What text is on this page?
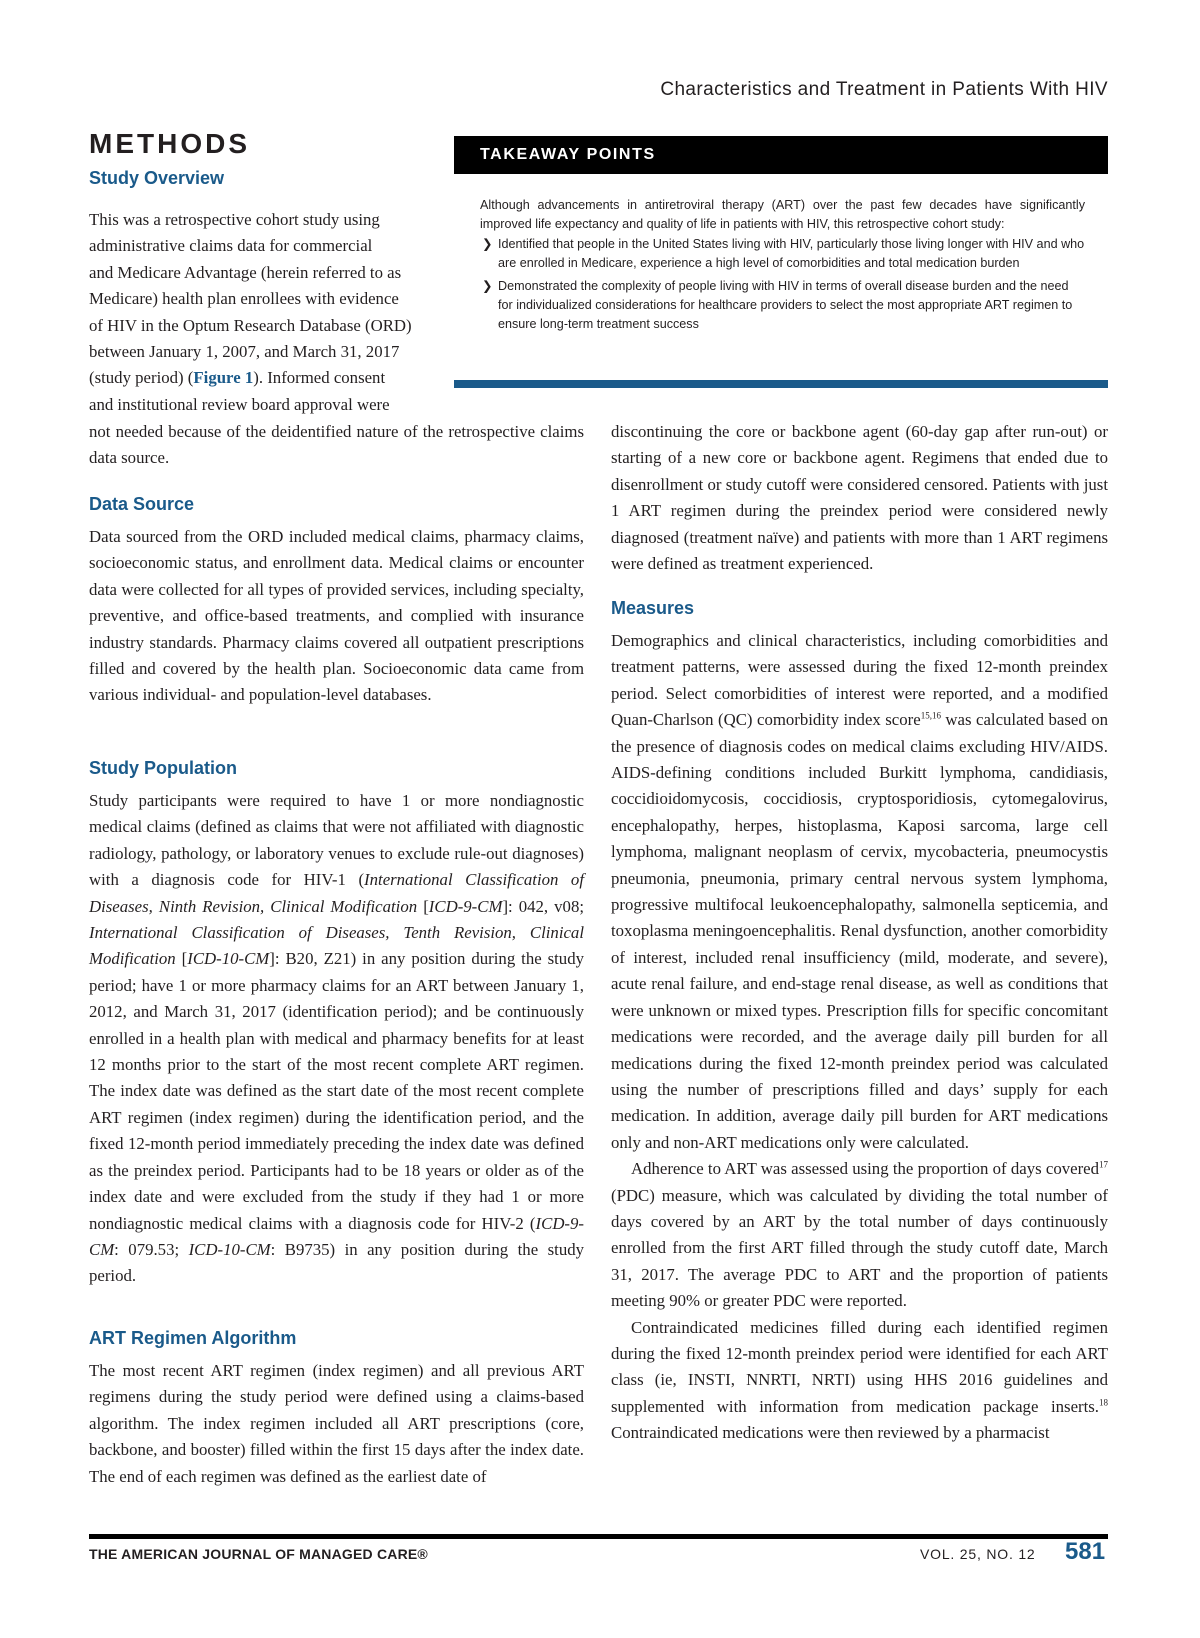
Characteristics and Treatment in Patients With HIV
METHODS	TAKEAWAY POINTS
Although advancements in antiretroviral therapy (ART) over the past few decades have significantly improved life expectancy and quality of life in patients with HIV, this retrospective cohort study:
❯ Identified that people in the United States living with HIV, particularly those living longer with HIV and who are enrolled in Medicare, experience a high level of comorbidities and total medication burden
❯ Demonstrated the complexity of people living with HIV in terms of overall disease burden and the need for individualized considerations for healthcare providers to select the most appropriate ART regimen to ensure long-term treatment success
Study Overview
This was a retrospective cohort study using
administrative claims data for commercial
and Medicare Advantage (herein referred to as
Medicare) health plan enrollees with evidence
of HIV in the Optum Research Database (ORD)
between January 1, 2007, and March 31, 2017
(study period) (Figure 1). Informed consent
and institutional review board approval were

not needed because of the deidentified nature of the retrospective claims data source.

Data Source

Data sourced from the ORD included medical claims, pharmacy claims, socioeconomic status, and enrollment data. Medical claims or encounter data were collected for all types of provided services, including specialty, preventive, and office-based treatments, and complied with insurance industry standards. Pharmacy claims covered all outpatient prescriptions filled and covered by the health plan. Socioeconomic data came from various individual- and population-level databases.

Study Population

Study participants were required to have 1 or more nondiagnostic medical claims (defined as claims that were not affiliated with diagnostic radiology, pathology, or laboratory venues to exclude rule-out diagnoses) with a diagnosis code for HIV-1 (International Classification of Diseases, Ninth Revision, Clinical Modification [ICD-9-CM]: 042, v08; International Classification of Diseases, Tenth Revision, Clinical Modification [ICD-10-CM]: B20, Z21) in any position during the study period; have 1 or more pharmacy claims for an ART between January 1, 2012, and March 31, 2017 (identification period); and be continuously enrolled in a health plan with medical and pharmacy benefits for at least 12 months prior to the start of the most recent complete ART regimen. The index date was defined as the start date of the most recent complete ART regimen (index regimen) during the identification period, and the fixed 12-month period immediately preceding the index date was defined as the preindex period. Participants had to be 18 years or older as of the index date and were excluded from the study if they had 1 or more nondiagnostic medical claims with a diagnosis code for HIV-2 (ICD-9-CM: 079.53; ICD-10-CM: B9735) in any position during the study period.

ART Regimen Algorithm

The most recent ART regimen (index regimen) and all previous ART regimens during the study period were defined using a claims-based algorithm. The index regimen included all ART prescriptions (core, backbone, and booster) filled within the first 15 days after the index date. The end of each regimen was defined as the earliest date of

discontinuing the core or backbone agent (60-day gap after run-out) or starting of a new core or backbone agent. Regimens that ended due to disenrollment or study cutoff were considered censored. Patients with just 1 ART regimen during the preindex period were considered newly diagnosed (treatment naïve) and patients with more than 1 ART regimens were defined as treatment experienced.

Measures

Demographics and clinical characteristics, including comorbidities and treatment patterns, were assessed during the fixed 12-month preindex period. Select comorbidities of interest were reported, and a modified Quan-Charlson (QC) comorbidity index score$^{15,16}$ was calculated based on the presence of diagnosis codes on medical claims excluding HIV/AIDS. AIDS-defining conditions included Burkitt lymphoma, candidiasis, coccidioidomycosis, coccidiosis, cryptosporidiosis, cytomegalovirus, encephalopathy, herpes, histoplasma, Kaposi sarcoma, large cell lymphoma, malignant neoplasm of cervix, mycobacteria, pneumocystis pneumonia, pneumonia, primary central nervous system lymphoma, progressive multifocal leukoencephalopathy, salmonella septicemia, and toxoplasma meningoencephalitis. Renal dysfunction, another comorbidity of interest, included renal insufficiency (mild, moderate, and severe), acute renal failure, and end-stage renal disease, as well as conditions that were unknown or mixed types. Prescription fills for specific concomitant medications were recorded, and the average daily pill burden for all medications during the fixed 12-month preindex period was calculated using the number of prescriptions filled and days’ supply for each medication. In addition, average daily pill burden for ART medications only and non-ART medications only were calculated.

Adherence to ART was assessed using the proportion of days covered$^{17}$ (PDC) measure, which was calculated by dividing the total number of days covered by an ART by the total number of days continuously enrolled from the first ART filled through the study cutoff date, March 31, 2017. The average PDC to ART and the proportion of patients meeting 90% or greater PDC were reported.

Contraindicated medicines filled during each identified regimen during the fixed 12-month preindex period were identified for each ART class (ie, INSTI, NNRTI, NRTI) using HHS 2016 guidelines and supplemented with information from medication package inserts.$^{18}$ Contraindicated medications were then reviewed by a pharmacist

THE AMERICAN JOURNAL OF MANAGED CARE®	VOL. 25, NO. 12 581
